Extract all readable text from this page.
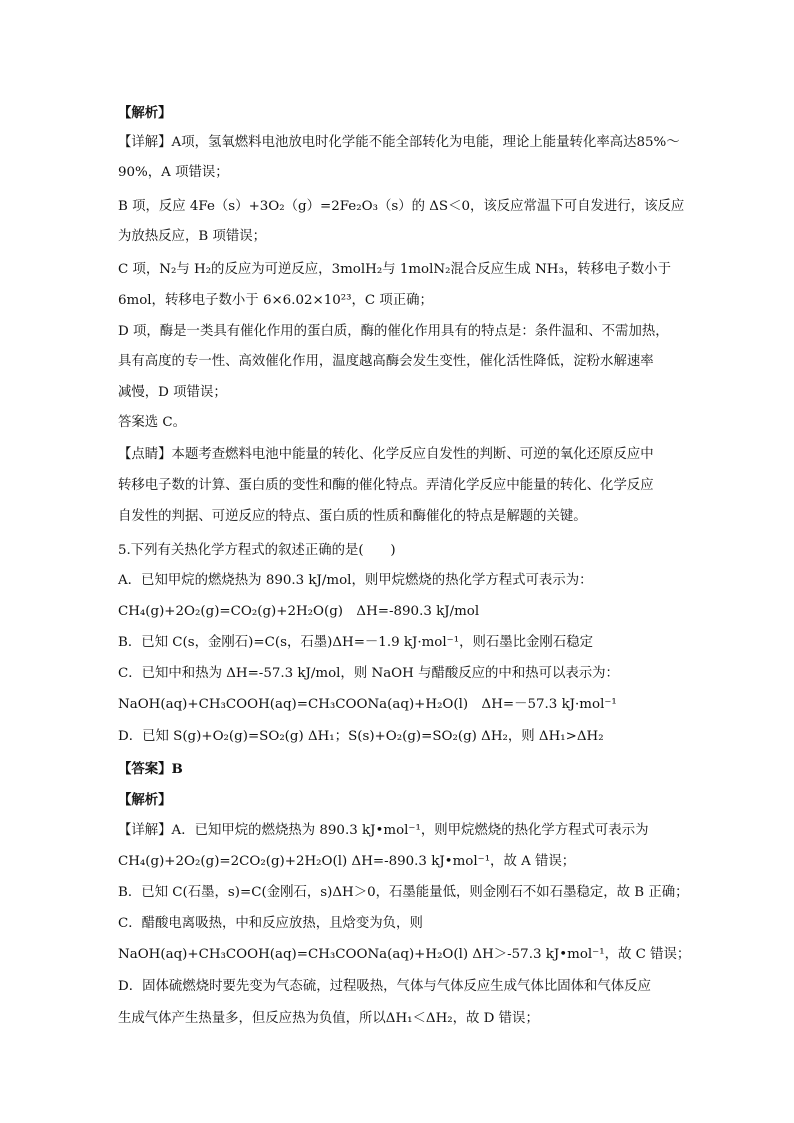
【解析】
【详解】A项，氢氧燃料电池放电时化学能不能全部转化为电能，理论上能量转化率高达85%～
90%，A 项错误；
B 项，反应 4Fe（s）+3O₂（g）=2Fe₂O₃（s）的 ΔS＜0，该反应常温下可自发进行，该反应
为放热反应，B 项错误；
C 项，N₂与 H₂的反应为可逆反应，3molH₂与 1molN₂混合反应生成 NH₃，转移电子数小于
6mol，转移电子数小于 6×6.02×10²³，C 项正确；
D 项，酶是一类具有催化作用的蛋白质，酶的催化作用具有的特点是：条件温和、不需加热，
具有高度的专一性、高效催化作用，温度越高酶会发生变性，催化活性降低，淀粉水解速率
减慢，D 项错误；
答案选 C。
【点睛】本题考查燃料电池中能量的转化、化学反应自发性的判断、可逆的氧化还原反应中
转移电子数的计算、蛋白质的变性和酶的催化特点。弄清化学反应中能量的转化、化学反应
自发性的判据、可逆反应的特点、蛋白质的性质和酶催化的特点是解题的关键。
5.下列有关热化学方程式的叙述正确的是(　　)
A．已知甲烷的燃烧热为 890.3 kJ/mol，则甲烷燃烧的热化学方程式可表示为：
CH₄(g)+2O₂(g)=CO₂(g)+2H₂O(g)　ΔH=-890.3 kJ/mol
B．已知 C(s，金刚石)=C(s，石墨)ΔH=－1.9 kJ·mol⁻¹，则石墨比金刚石稳定
C．已知中和热为 ΔH=-57.3 kJ/mol，则 NaOH 与醋酸反应的中和热可以表示为：
NaOH(aq)+CH₃COOH(aq)=CH₃COONa(aq)+H₂O(l)　ΔH=－57.3 kJ·mol⁻¹
D．已知 S(g)+O₂(g)=SO₂(g) ΔH₁；S(s)+O₂(g)=SO₂(g) ΔH₂，则 ΔH₁>ΔH₂
【答案】B
【解析】
【详解】A．已知甲烷的燃烧热为 890.3 kJ•mol⁻¹，则甲烷燃烧的热化学方程式可表示为
CH₄(g)+2O₂(g)=2CO₂(g)+2H₂O(l) ΔH=-890.3 kJ•mol⁻¹，故 A 错误；
B．已知 C(石墨，s)=C(金刚石，s)ΔH＞0，石墨能量低，则金刚石不如石墨稳定，故 B 正确；
C．醋酸电离吸热，中和反应放热，且焓变为负，则
NaOH(aq)+CH₃COOH(aq)=CH₃COONa(aq)+H₂O(l) ΔH＞-57.3 kJ•mol⁻¹，故 C 错误；
D．固体硫燃烧时要先变为气态硫，过程吸热，气体与气体反应生成气体比固体和气体反应
生成气体产生热量多，但反应热为负值，所以ΔH₁＜ΔH₂，故 D 错误；
